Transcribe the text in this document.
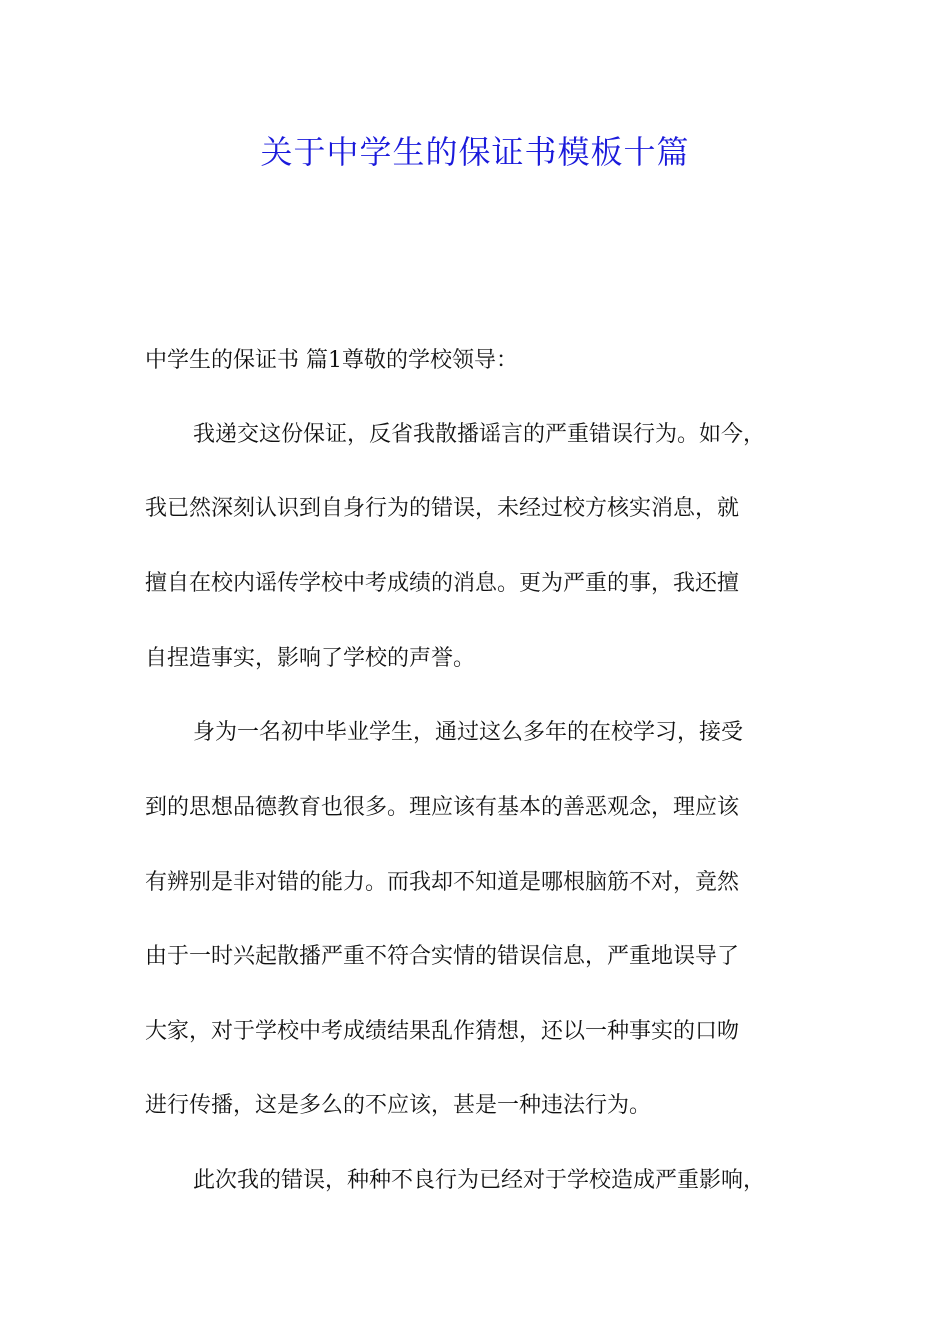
关于中学生的保证书模板十篇
中学生的保证书 篇1尊敬的学校领导：
我递交这份保证，反省我散播谣言的严重错误行为。如今，
我已然深刻认识到自身行为的错误，未经过校方核实消息，就
擅自在校内谣传学校中考成绩的消息。更为严重的事，我还擅
自捏造事实，影响了学校的声誉。
身为一名初中毕业学生，通过这么多年的在校学习，接受
到的思想品德教育也很多。理应该有基本的善恶观念，理应该
有辨别是非对错的能力。而我却不知道是哪根脑筋不对，竟然
由于一时兴起散播严重不符合实情的错误信息，严重地误导了
大家，对于学校中考成绩结果乱作猜想，还以一种事实的口吻
进行传播，这是多么的不应该，甚是一种违法行为。
此次我的错误，种种不良行为已经对于学校造成严重影响，
